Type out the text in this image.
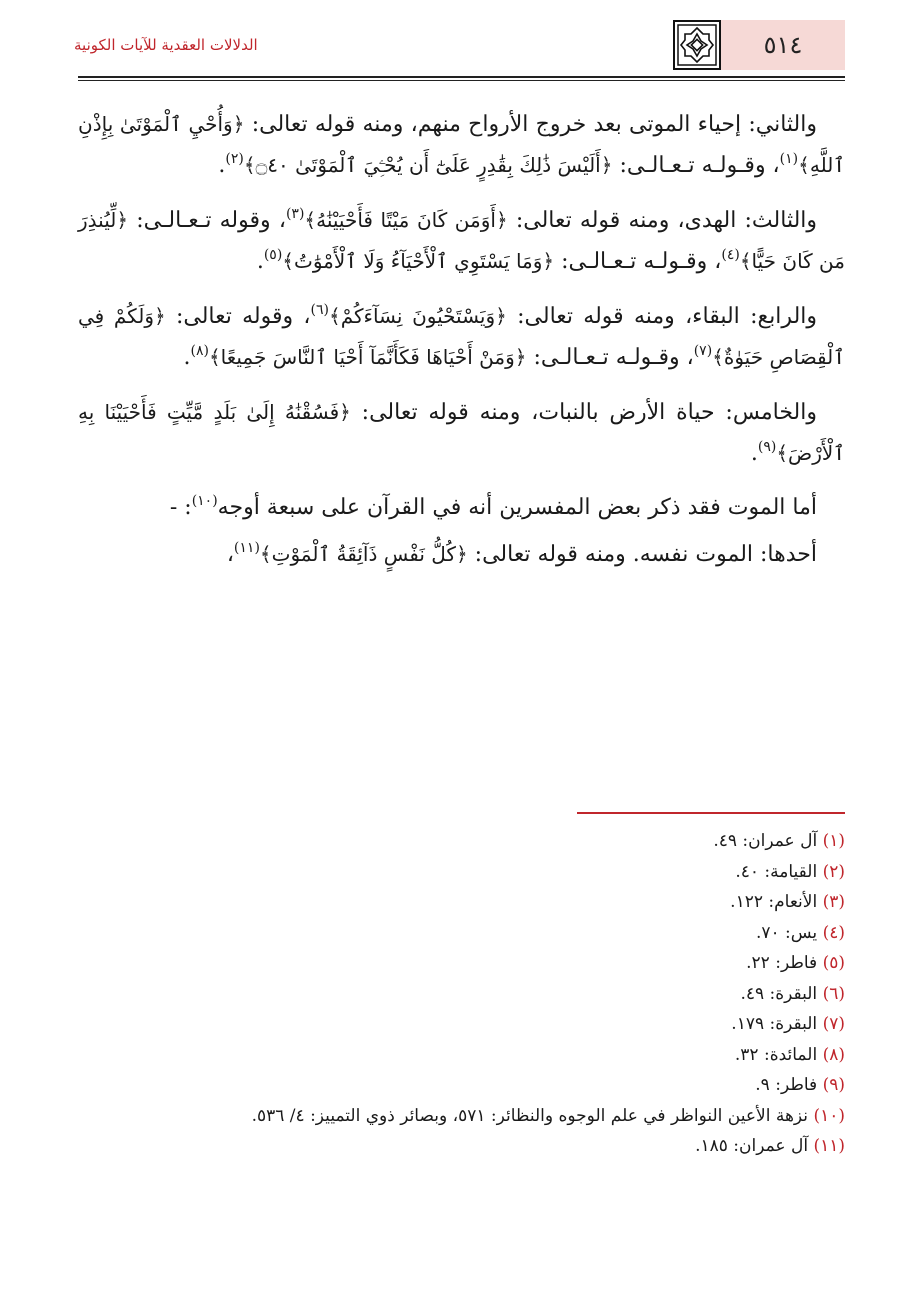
٥١٤
الدلالات العقدية للآيات الكونية

والثاني: إحياء الموتى بعد خروج الأرواح منهم، ومنه قوله تعالى: ﴿وَأُحْيِ ٱلْمَوْتَىٰ بِإِذْنِ ٱللَّهِ﴾$^{(١)}$، وقـولـه تـعـالـى: ﴿أَلَيْسَ ذَٰلِكَ بِقَٰدِرٍ عَلَىٰٓ أَن يُحْـِۧيَ ٱلْمَوْتَىٰ ۝٤٠﴾$^{(٢)}$.

والثالث: الهدى، ومنه قوله تعالى: ﴿أَوَمَن كَانَ مَيْتًا فَأَحْيَيْنَٰهُ﴾$^{(٣)}$، وقوله تـعـالـى: ﴿لِّيُنذِرَ مَن كَانَ حَيًّا﴾$^{(٤)}$، وقـولـه تـعـالـى: ﴿وَمَا يَسْتَوِي ٱلْأَحْيَآءُ وَلَا ٱلْأَمْوَٰتُ﴾$^{(٥)}$.

والرابع: البقاء، ومنه قوله تعالى: ﴿وَيَسْتَحْيُونَ نِسَآءَكُمْ﴾$^{(٦)}$، وقوله تعالى: ﴿وَلَكُمْ فِي ٱلْقِصَاصِ حَيَوٰةٌ﴾$^{(٧)}$، وقـولـه تـعـالـى: ﴿وَمَنْ أَحْيَاهَا فَكَأَنَّمَآ أَحْيَا ٱلنَّاسَ جَمِيعًا﴾$^{(٨)}$.

والخامس: حياة الأرض بالنبات، ومنه قوله تعالى: ﴿فَسُقْنَٰهُ إِلَىٰ بَلَدٍ مَّيِّتٍ فَأَحْيَيْنَا بِهِ ٱلْأَرْضَ﴾$^{(٩)}$.

أما الموت فقد ذكر بعض المفسرين أنه في القرآن على سبعة أوجه$^{(١٠)}$: -

أحدها: الموت نفسه. ومنه قوله تعالى: ﴿كُلُّ نَفْسٍ ذَآئِقَةُ ٱلْمَوْتِ﴾$^{(١١)}$،

(١) آل عمران: ٤٩.
(٢) القيامة: ٤٠.
(٣) الأنعام: ١٢٢.
(٤) يس: ٧٠.
(٥) فاطر: ٢٢.
(٦) البقرة: ٤٩.
(٧) البقرة: ١٧٩.
(٨) المائدة: ٣٢.
(٩) فاطر: ٩.
(١٠) نزهة الأعين النواظر في علم الوجوه والنظائر: ٥٧١، وبصائر ذوي التمييز: ٤/ ٥٣٦.
(١١) آل عمران: ١٨٥.
